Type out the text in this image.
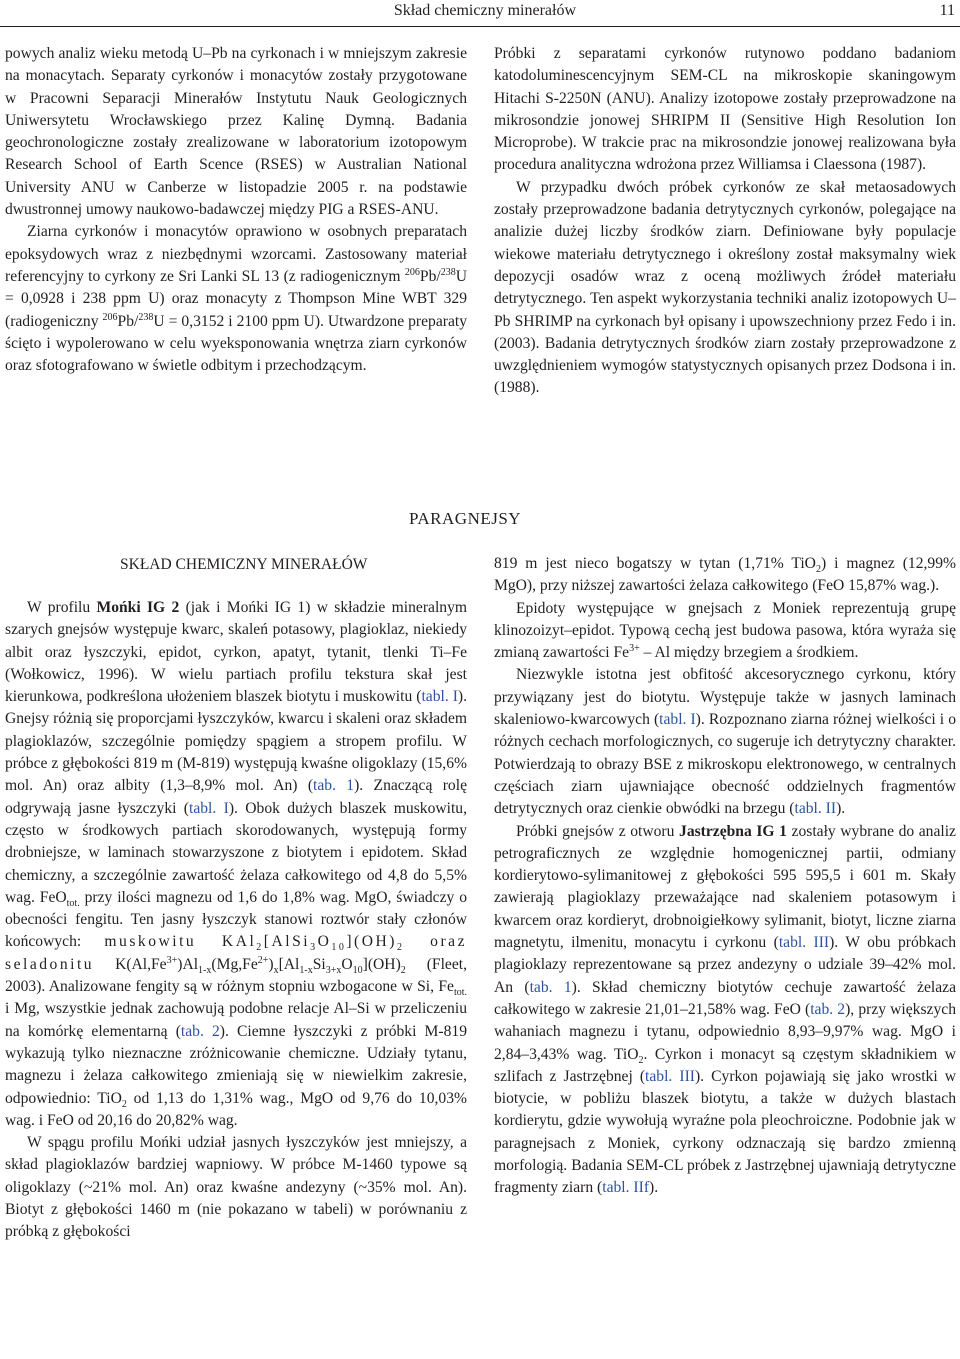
Skład chemiczny minerałów	11

powych analiz wieku metodą U–Pb na cyrkonach i w mniejszym zakresie na monacytach. Separaty cyrkonów i monacytów zostały przygotowane w Pracowni Separacji Minerałów Instytutu Nauk Geologicznych Uniwersytetu Wrocławskiego przez Kalinę Dymną. Badania geochronologiczne zostały zrealizowane w laboratorium izotopowym Research School of Earth Scence (RSES) w Australian National University ANU w Canberze w listopadzie 2005 r. na podstawie dwustronnej umowy naukowo-badawczej między PIG a RSES-ANU.

Ziarna cyrkonów i monacytów oprawiono w osobnych preparatach epoksydowych wraz z niezbędnymi wzorcami. Zastosowany materiał referencyjny to cyrkony ze Sri Lanki SL 13 (z radiogenicznym $^{206}$Pb/$^{238}$U = 0,0928 i 238 ppm U) oraz monacyty z Thompson Mine WBT 329 (radiogeniczny $^{206}$Pb/$^{238}$U = 0,3152 i 2100 ppm U). Utwardzone preparaty ścięto i wypolerowano w celu wyeksponowania wnętrza ziarn cyrkonów oraz sfotografowano w świetle odbitym i przechodzącym.

Próbki z separatami cyrkonów rutynowo poddano badaniom katodoluminescencyjnym SEM-CL na mikroskopie skaningowym Hitachi S-2250N (ANU). Analizy izotopowe zostały przeprowadzone na mikrosondzie jonowej SHRIPM II (Sensitive High Resolution Ion Microprobe). W trakcie prac na mikrosondzie jonowej realizowana była procedura analityczna wdrożona przez Williamsa i Claessona (1987).

W przypadku dwóch próbek cyrkonów ze skał metaosadowych zostały przeprowadzone badania detrytycznych cyrkonów, polegające na analizie dużej liczby środków ziarn. Definiowane były populacje wiekowe materiału detrytycznego i określony został maksymalny wiek depozycji osadów wraz z oceną możliwych źródeł materiału detrytycznego. Ten aspekt wykorzystania techniki analiz izotopowych U–Pb SHRIMP na cyrkonach był opisany i upowszechniony przez Fedo i in. (2003). Badania detrytycznych środków ziarn zostały przeprowadzone z uwzględnieniem wymogów statystycznych opisanych przez Dodsona i in. (1988).

PARAGNEJSY
SKŁAD CHEMICZNY MINERAŁÓW

W profilu Mońki IG 2 (jak i Mońki IG 1) w składzie mineralnym szarych gnejsów występuje kwarc, skaleń potasowy, plagioklaz, niekiedy albit oraz łyszczyki, epidot, cyrkon, apatyt, tytanit, tlenki Ti–Fe (Wołkowicz, 1996). W wielu partiach profilu tekstura skał jest kierunkowa, podkreślona ułożeniem blaszek biotytu i muskowitu (tabl. I). Gnejsy różnią się proporcjami łyszczyków, kwarcu i skaleni oraz składem plagioklazów, szczególnie pomiędzy spągiem a stropem profilu. W próbce z głębokości 819 m (M-819) występują kwaśne oligoklazy (15,6% mol. An) oraz albity (1,3–8,9% mol. An) (tab. 1). Znaczącą rolę odgrywają jasne łyszczyki (tabl. I). Obok dużych blaszek muskowitu, często w środkowych partiach skorodowanych, występują formy drobniejsze, w laminach stowarzyszone z biotytem i epidotem. Skład chemiczny, a szczególnie zawartość żelaza całkowitego od 4,8 do 5,5% wag. FeO$_{tot.}$ przy ilości magnezu od 1,6 do 1,8% wag. MgO, świadczy o obecności fengitu. Ten jasny łyszczyk stanowi roztwór stały członów końcowych: muskowitu $KAl_2[AlSi_3O_{10}](OH)_2$ oraz seladonitu $K(Al,Fe^{3+})Al_{1-x}(Mg,Fe^{2+})_x[Al_{1-x}Si_{3+x}O_{10}](OH)_2$ (Fleet, 2003). Analizowane fengity są w różnym stopniu wzbogacone w Si, $Fe_{tot.}$ i Mg, wszystkie jednak zachowują podobne relacje Al–Si w przeliczeniu na komórkę elementarną (tab. 2). Ciemne łyszczyki z próbki M-819 wykazują tylko nieznaczne zróżnicowanie chemiczne. Udziały tytanu, magnezu i żelaza całkowitego zmieniają się w niewielkim zakresie, odpowiednio: TiO$_2$ od 1,13 do 1,31% wag., MgO od 9,76 do 10,03% wag. i FeO od 20,16 do 20,82% wag.

W spągu profilu Mońki udział jasnych łyszczyków jest mniejszy, a skład plagioklazów bardziej wapniowy. W próbce M-1460 typowe są oligoklazy (~21% mol. An) oraz kwaśne andezyny (~35% mol. An). Biotyt z głębokości 1460 m (nie pokazano w tabeli) w porównaniu z próbką z głębokości

819 m jest nieco bogatszy w tytan (1,71% TiO$_2$) i magnez (12,99% MgO), przy niższej zawartości żelaza całkowitego (FeO 15,87% wag.).

Epidoty występujące w gnejsach z Moniek reprezentują grupę klinozoizyt–epidot. Typową cechą jest budowa pasowa, która wyraża się zmianą zawartości $Fe^{3+}$ – Al między brzegiem a środkiem.

Niezwykle istotna jest obfitość akcesorycznego cyrkonu, który przywiązany jest do biotytu. Występuje także w jasnych laminach skaleniowo-kwarcowych (tabl. I). Rozpoznano ziarna różnej wielkości i o różnych cechach morfologicznych, co sugeruje ich detrytyczny charakter. Potwierdzają to obrazy BSE z mikroskopu elektronowego, w centralnych częściach ziarn ujawniające obecność oddzielnych fragmentów detrytycznych oraz cienkie obwódki na brzegu (tabl. II).

Próbki gnejsów z otworu Jastrzębna IG 1 zostały wybrane do analiz petrograficznych ze względnie homogenicznej partii, odmiany kordierytowo-sylimanitowej z głębokości 595 595,5 i 601 m. Skały zawierają plagioklazy przeważające nad skaleniem potasowym i kwarcem oraz kordieryt, drobnoigiełkowy sylimanit, biotyt, liczne ziarna magnetytu, ilmenitu, monacytu i cyrkonu (tabl. III). W obu próbkach plagioklazy reprezentowane są przez andezyny o udziale 39–42% mol. An (tab. 1). Skład chemiczny biotytów cechuje zawartość żelaza całkowitego w zakresie 21,01–21,58% wag. FeO (tab. 2), przy większych wahaniach magnezu i tytanu, odpowiednio 8,93–9,97% wag. MgO i 2,84–3,43% wag. TiO$_2$. Cyrkon i monacyt są częstym składnikiem w szlifach z Jastrzębnej (tabl. III). Cyrkon pojawiają się jako wrostki w biotycie, w pobliżu blaszek biotytu, a także w dużych blastach kordierytu, gdzie wywołują wyraźne pola pleochroiczne. Podobnie jak w paragnejsach z Moniek, cyrkony odznaczają się bardzo zmienną morfologią. Badania SEM-CL próbek z Jastrzębnej ujawniają detrytyczne fragmenty ziarn (tabl. IIf).
